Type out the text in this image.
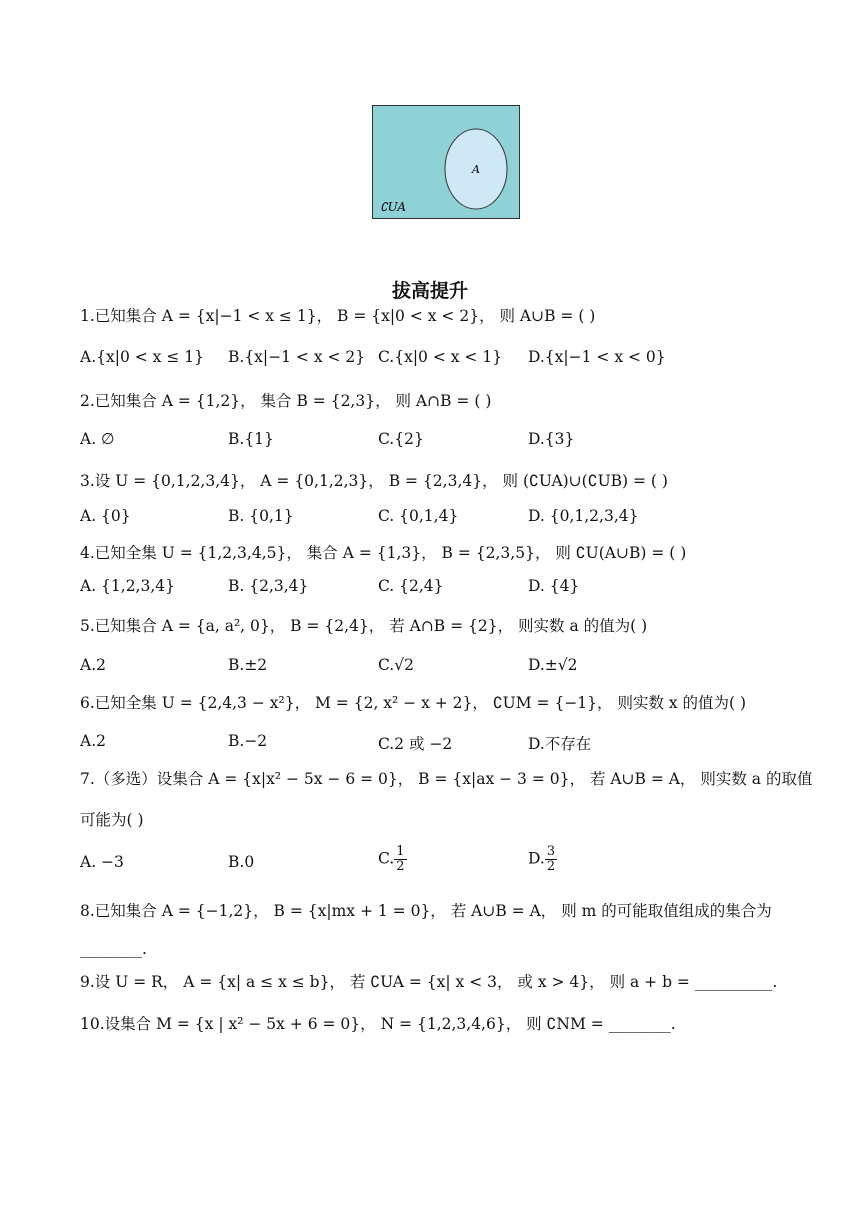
A
∁UA
拔高提升
1.已知集合 A = {x|−1 < x ≤ 1}， B = {x|0 < x < 2}， 则 A∪B = ( )
A.{x|0 < x ≤ 1} B.{x|−1 < x < 2} C.{x|0 < x < 1} D.{x|−1 < x < 0}
2.已知集合 A = {1,2}， 集合 B = {2,3}， 则 A∩B = ( )
A. ∅	B.{1}	C.{2}	D.{3}
3.设 U = {0,1,2,3,4}， A = {0,1,2,3}， B = {2,3,4}， 则 (∁UA)∪(∁UB) = ( )
A. {0}	B. {0,1}	C. {0,1,4}	D. {0,1,2,3,4}
4.已知全集 U = {1,2,3,4,5}， 集合 A = {1,3}， B = {2,3,5}， 则 ∁U(A∪B) = ( )
A. {1,2,3,4}	B. {2,3,4}	C. {2,4}	D. {4}
5.已知集合 A = {a, a², 0}， B = {2,4}， 若 A∩B = {2}， 则实数 a 的值为( )
A.2	B.±2	C.√2	D.±√2
6.已知全集 U = {2,4,3 − x²}， M = {2, x² − x + 2}， ∁UM = {−1}， 则实数 x 的值为( )
A.2	B.−2	C.2 或 −2	D.不存在
7.（多选）设集合 A = {x|x² − 5x − 6 = 0}， B = {x|ax − 3 = 0}， 若 A∪B = A， 则实数 a 的取值
可能为( )
A. −3	B.0	C. $\frac{1}{2}$	D. $\frac{3}{2}$
8.已知集合 A = {−1,2}， B = {x|mx + 1 = 0}， 若 A∪B = A， 则 m 的可能取值组成的集合为
________.
9.设 U = R， A = {x| a ≤ x ≤ b}， 若 ∁UA = {x| x < 3， 或 x > 4}， 则 a + b = __________.
10.设集合 M = {x | x² − 5x + 6 = 0}， N = {1,2,3,4,6}， 则 ∁NM = ________.
